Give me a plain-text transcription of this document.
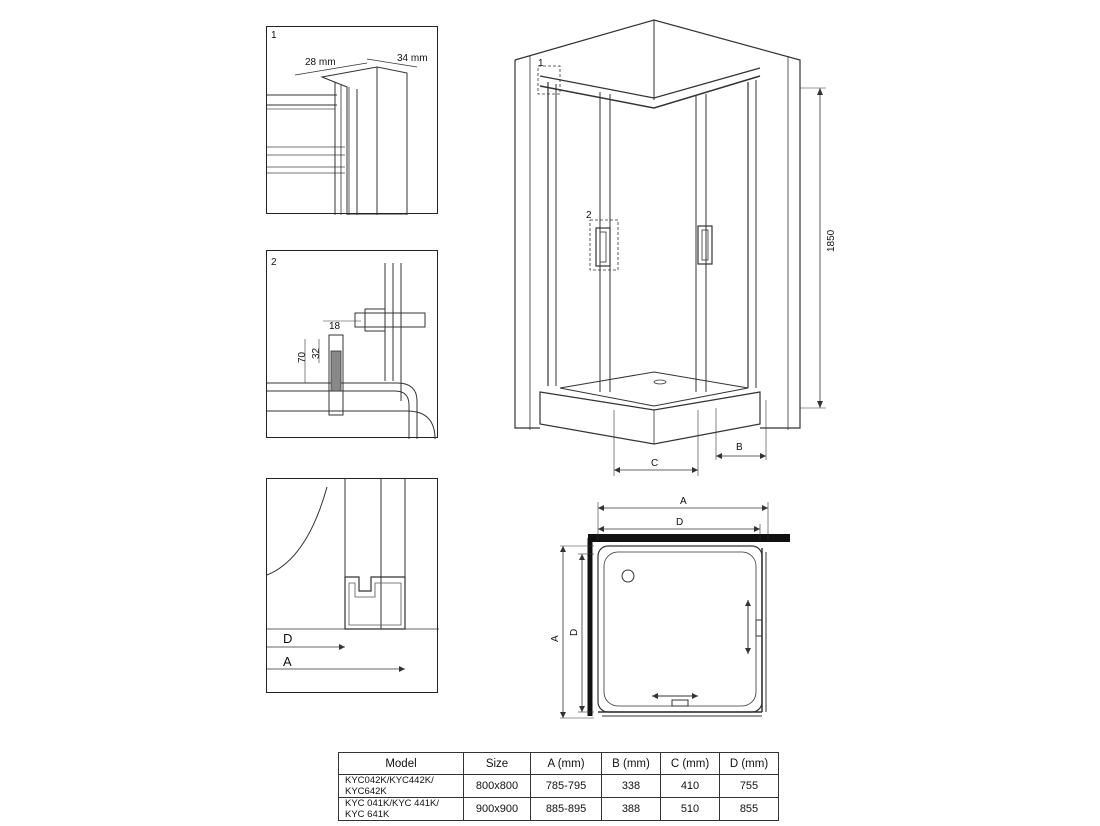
1
28 mm	34 mm
2
18
32
70
D
A
1
2
1850
B
C
A
D
A
D
Model	Size	A (mm)	B (mm)	C (mm)	D (mm)
KYC042K/KYC442K/
KYC642K	800x800	785-795	338	410	755
KYC 041K/KYC 441K/
KYC 641K	900x900	885-895	388	510	855
